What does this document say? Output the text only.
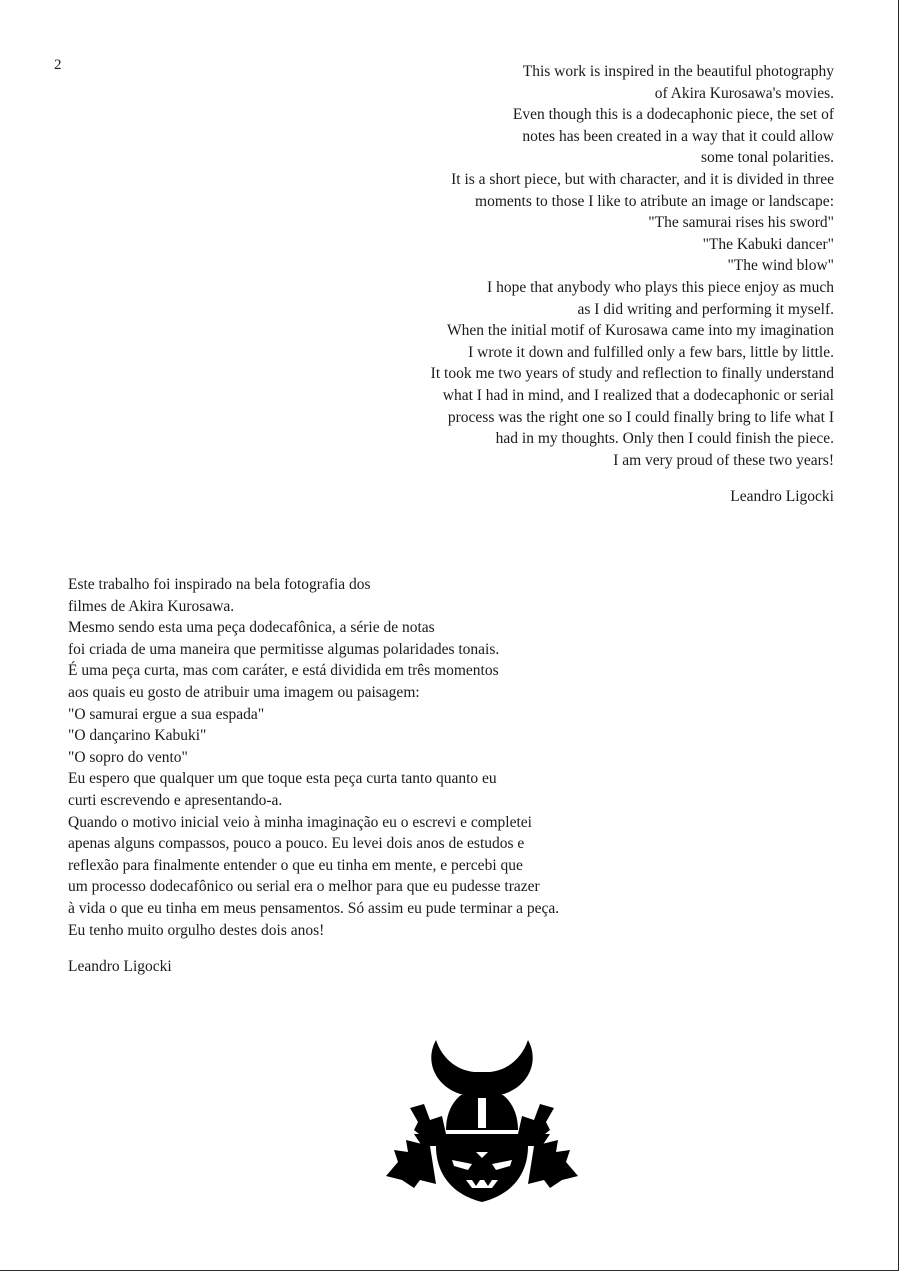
2	This work is inspired in the beautiful photography
of Akira Kurosawa's movies.
Even though this is a dodecaphonic piece, the set of
notes has been created in a way that it could allow
some tonal polarities.
It is a short piece, but with character, and it is divided in three
moments to those I like to atribute an image or landscape:
"The samurai rises his sword"
"The Kabuki dancer"
"The wind blow"
I hope that anybody who plays this piece enjoy as much
as I did writing and performing it myself.
When the initial motif of Kurosawa came into my imagination
I wrote it down and fulfilled only a few bars, little by little.
It took me two years of study and reflection to finally understand
what I had in mind, and I realized that a dodecaphonic or serial
process was the right one so I could finally bring to life what I
had in my thoughts. Only then I could finish the piece.
I am very proud of these two years!
Leandro Ligocki
Este trabalho foi inspirado na bela fotografia dos
filmes de Akira Kurosawa.
Mesmo sendo esta uma peça dodecafônica, a série de notas
foi criada de uma maneira que permitisse algumas polaridades tonais.
É uma peça curta, mas com caráter, e está dividida em três momentos
aos quais eu gosto de atribuir uma imagem ou paisagem:
"O samurai ergue a sua espada"
"O dançarino Kabuki"
"O sopro do vento"
Eu espero que qualquer um que toque esta peça curta tanto quanto eu
curti escrevendo e apresentando-a.
Quando o motivo inicial veio à minha imaginação eu o escrevi e completei
apenas alguns compassos, pouco a pouco. Eu levei dois anos de estudos e
reflexão para finalmente entender o que eu tinha em mente, e percebi que
um processo dodecafônico ou serial era o melhor para que eu pudesse trazer
à vida o que eu tinha em meus pensamentos. Só assim eu pude terminar a peça.
Eu tenho muito orgulho destes dois anos!
Leandro Ligocki
